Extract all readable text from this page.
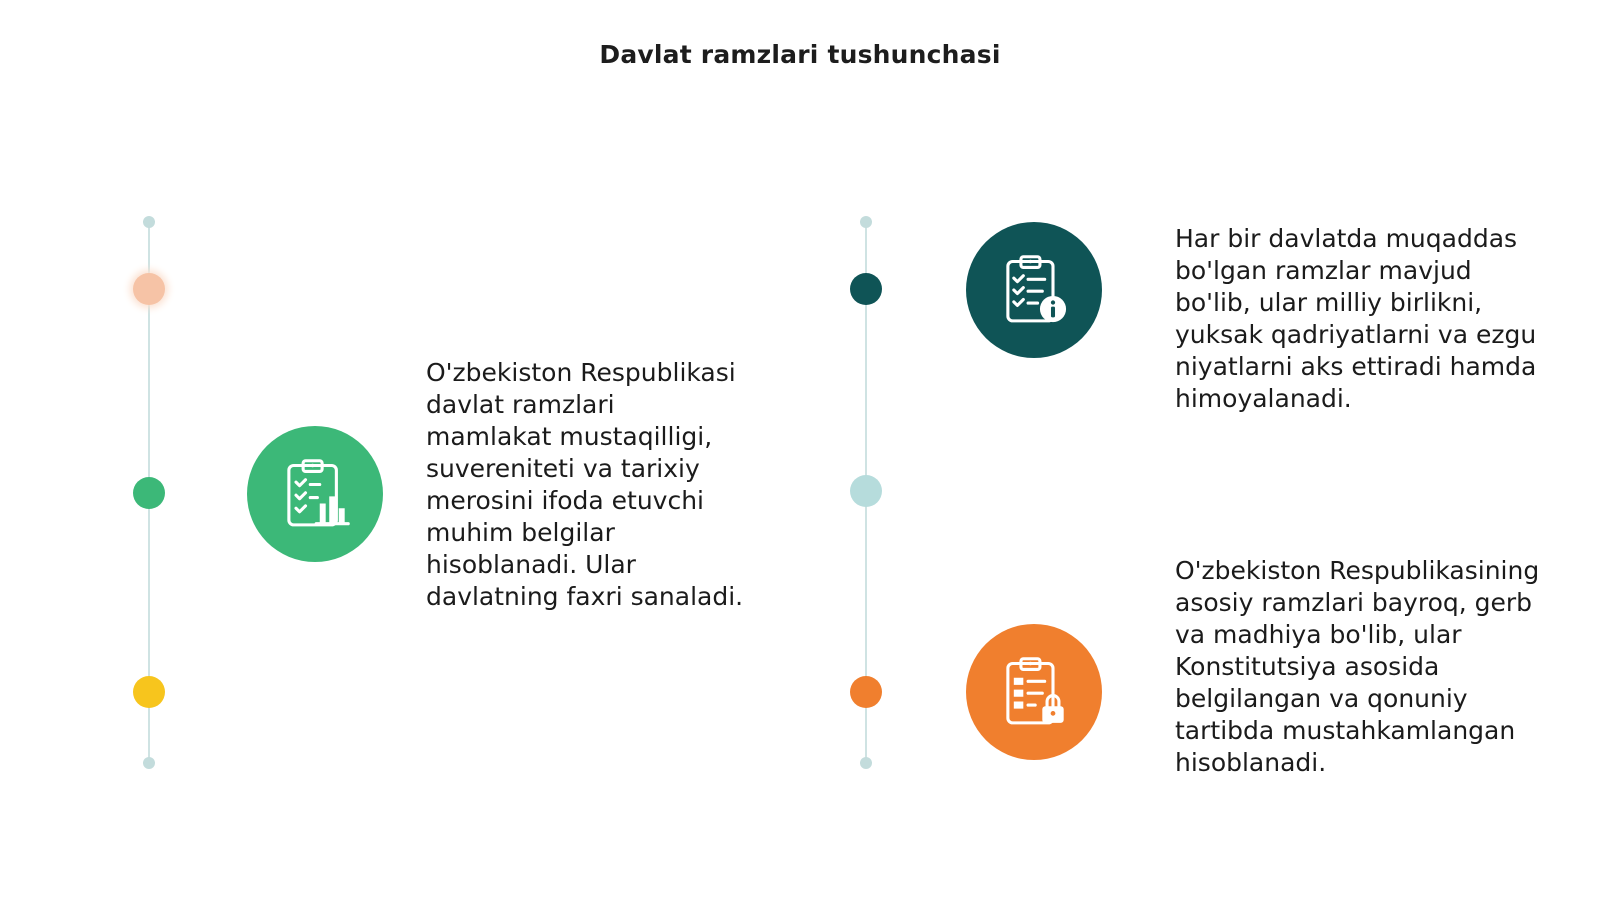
Davlat ramzlari tushunchasi
O'zbekiston Respublikasi davlat ramzlari mamlakat mustaqilligi, suvereniteti va tarixiy merosini ifoda etuvchi muhim belgilar hisoblanadi. Ular davlatning faxri sanaladi.
Har bir davlatda muqaddas bo'lgan ramzlar mavjud bo'lib, ular milliy birlikni, yuksak qadriyatlarni va ezgu niyatlarni aks ettiradi hamda himoyalanadi.
O'zbekiston Respublikasining asosiy ramzlari bayroq, gerb va madhiya bo'lib, ular Konstitutsiya asosida belgilangan va qonuniy tartibda mustahkamlangan hisoblanadi.
